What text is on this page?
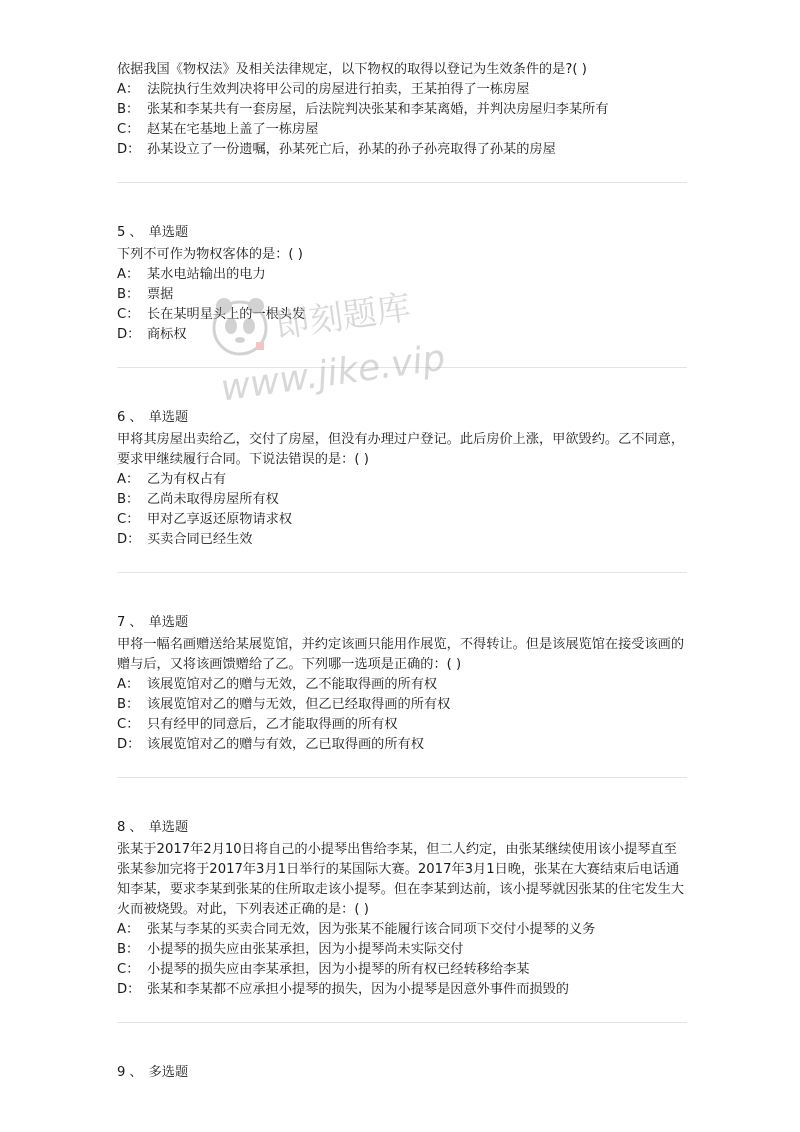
依据我国《物权法》及相关法律规定，以下物权的取得以登记为生效条件的是?( )
A： 法院执行生效判决将甲公司的房屋进行拍卖，王某拍得了一栋房屋
B： 张某和李某共有一套房屋，后法院判决张某和李某离婚，并判决房屋归李某所有
C： 赵某在宅基地上盖了一栋房屋
D： 孙某设立了一份遗嘱，孙某死亡后，孙某的孙子孙亮取得了孙某的房屋
5 、 单选题
下列不可作为物权客体的是：( )
A： 某水电站输出的电力
B： 票据
C： 长在某明星头上的一根头发
D： 商标权
6 、 单选题
甲将其房屋出卖给乙，交付了房屋，但没有办理过户登记。此后房价上涨，甲欲毁约。乙不同意，要求甲继续履行合同。下说法错误的是：( )
A： 乙为有权占有
B： 乙尚未取得房屋所有权
C： 甲对乙享返还原物请求权
D： 买卖合同已经生效
7 、 单选题
甲将一幅名画赠送给某展览馆，并约定该画只能用作展览，不得转让。但是该展览馆在接受该画的赠与后，又将该画馈赠给了乙。下列哪一选项是正确的：( )
A： 该展览馆对乙的赠与无效，乙不能取得画的所有权
B： 该展览馆对乙的赠与无效，但乙已经取得画的所有权
C： 只有经甲的同意后，乙才能取得画的所有权
D： 该展览馆对乙的赠与有效，乙已取得画的所有权
8 、 单选题
张某于2017年2月10日将自己的小提琴出售给李某，但二人约定，由张某继续使用该小提琴直至张某参加完将于2017年3月1日举行的某国际大赛。2017年3月1日晚，张某在大赛结束后电话通知李某，要求李某到张某的住所取走该小提琴。但在李某到达前，该小提琴就因张某的住宅发生大火而被烧毁。对此，下列表述正确的是：( )
A： 张某与李某的买卖合同无效，因为张某不能履行该合同项下交付小提琴的义务
B： 小提琴的损失应由张某承担，因为小提琴尚未实际交付
C： 小提琴的损失应由李某承担，因为小提琴的所有权已经转移给李某
D： 张某和李某都不应承担小提琴的损失，因为小提琴是因意外事件而损毁的
9 、 多选题
即刻题库
www.jike.vip
